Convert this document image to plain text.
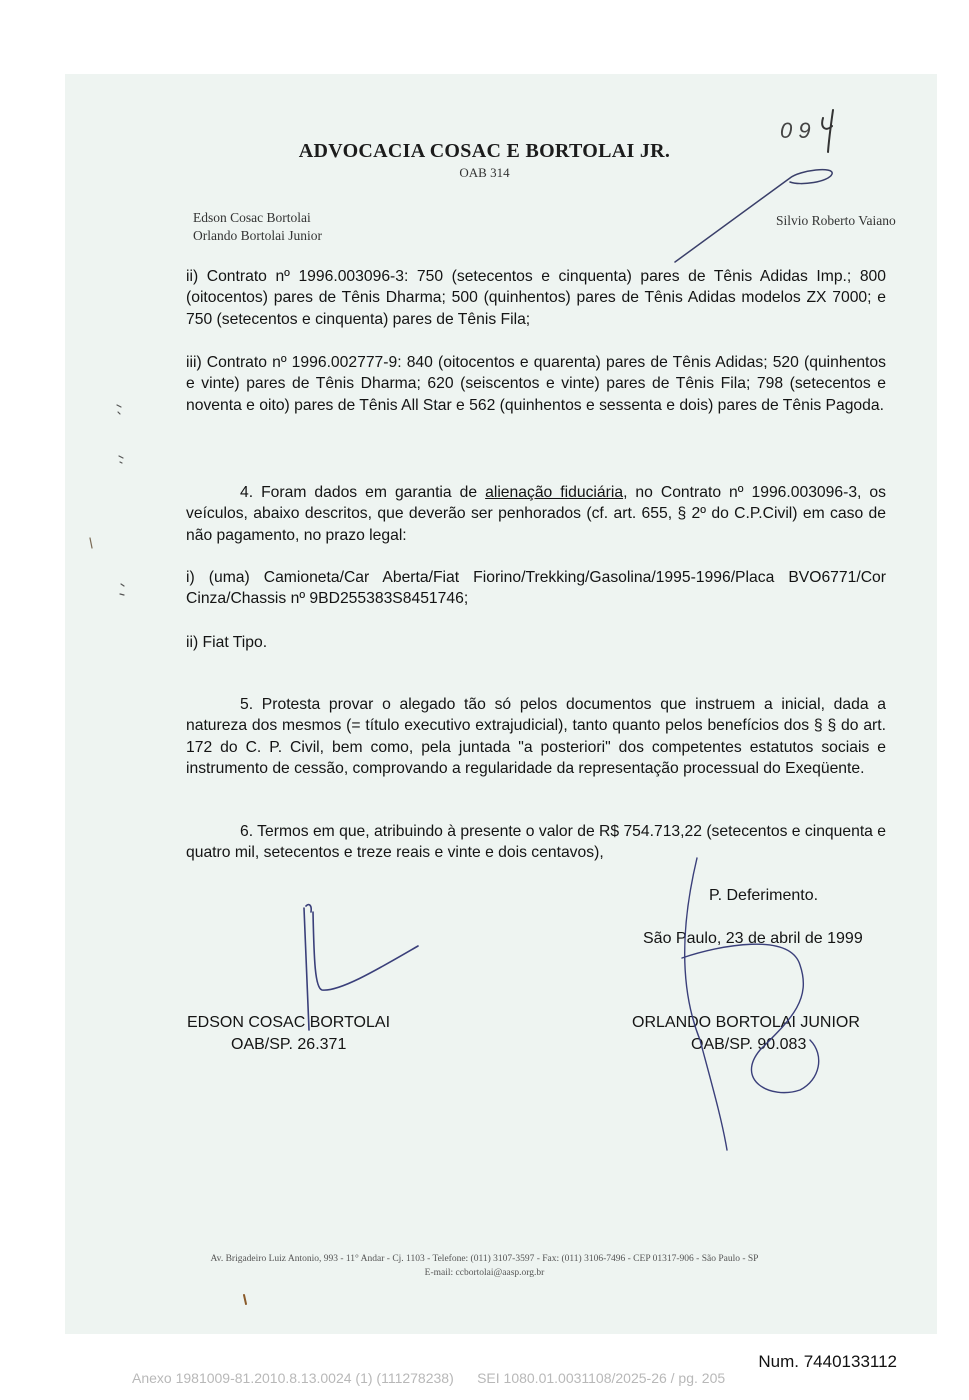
ADVOCACIA COSAC E BORTOLAI JR.
OAB 314
Edson Cosac Bortolai
Orlando Bortolai Junior
Silvio Roberto Vaiano
0 9

ii) Contrato nº 1996.003096-3: 750 (setecentos e cinquenta) pares de Tênis Adidas Imp.; 800 (oitocentos) pares de Tênis Dharma; 500 (quinhentos) pares de Tênis Adidas modelos ZX 7000; e 750 (setecentos e cinquenta) pares de Tênis Fila;

iii) Contrato nº 1996.002777-9: 840 (oitocentos e quarenta) pares de Tênis Adidas; 520 (quinhentos e vinte) pares de Tênis Dharma; 620 (seiscentos e vinte) pares de Tênis Fila; 798 (setecentos e noventa e oito) pares de Tênis All Star e 562 (quinhentos e sessenta e dois) pares de Tênis Pagoda.

4. Foram dados em garantia de alienação fiduciária, no Contrato nº 1996.003096-3, os veículos, abaixo descritos, que deverão ser penhorados (cf. art. 655, § 2º do C.P.Civil) em caso de não pagamento, no prazo legal:

i) (uma) Camioneta/Car Aberta/Fiat Fiorino/Trekking/Gasolina/1995-1996/Placa BVO6771/Cor Cinza/Chassis nº 9BD255383S8451746;

ii) Fiat Tipo.

5. Protesta provar o alegado tão só pelos documentos que instruem a inicial, dada a natureza dos mesmos (= título executivo extrajudicial), tanto quanto pelos benefícios dos § § do art. 172 do C. P. Civil, bem como, pela juntada "a posteriori" dos competentes estatutos sociais e instrumento de cessão, comprovando a regularidade da representação processual do Exeqüente.

6. Termos em que, atribuindo à presente o valor de R$ 754.713,22 (setecentos e cinquenta e quatro mil, setecentos e treze reais e vinte e dois centavos),

P. Deferimento.
São Paulo, 23 de abril de 1999
EDSON COSAC BORTOLAI
OAB/SP. 26.371
ORLANDO BORTOLAI JUNIOR
OAB/SP. 90.083
Av. Brigadeiro Luiz Antonio, 993 - 11° Andar - Cj. 1103 - Telefone: (011) 3107-3597 - Fax: (011) 3106-7496 - CEP 01317-906 - São Paulo - SP
E-mail: ccbortolai@aasp.org.br
Num. 7440133112
Anexo 1981009-81.2010.8.13.0024 (1) (111278238)      SEI 1080.01.0031108/2025-26 / pg. 205
